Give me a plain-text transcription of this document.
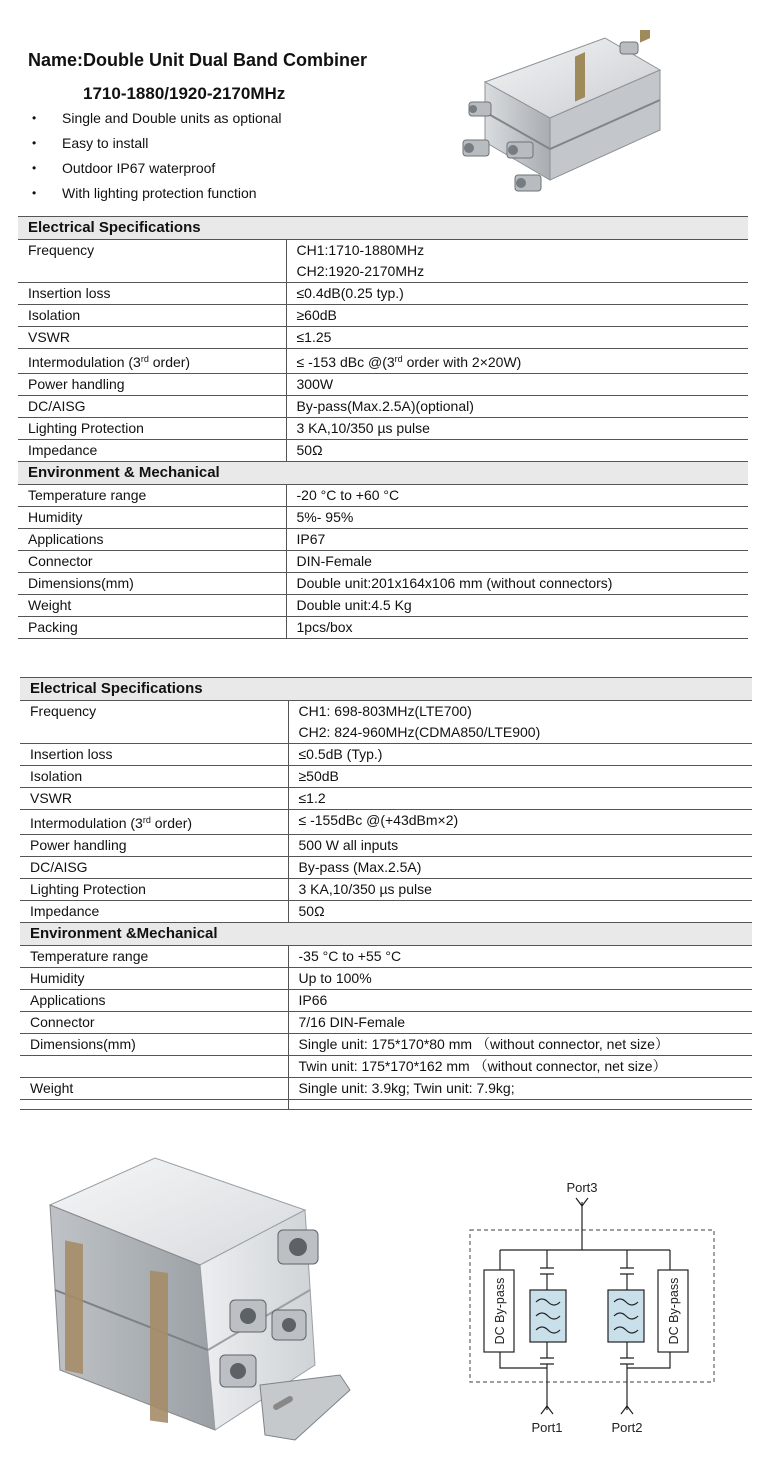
Name:Double Unit Dual Band Combiner
1710-1880/1920-2170MHz
• Single and Double units as optional
• Easy to install
• Outdoor IP67 waterproof
• With lighting protection function
Electrical Specifications	
Frequency	CH1:1710-1880MHz
CH2:1920-2170MHz

Insertion loss	≤0.4dB(0.25 typ.)
Isolation	≥60dB
VSWR	≤1.25
Intermodulation (3rd order)	≤ -153 dBc @(3rd order with 2×20W)
Power handling	300W
DC/AISG	By-pass(Max.2.5A)(optional)
Lighting Protection	3 KA,10/350 µs pulse
Impedance	50Ω
Environment & Mechanical	
Temperature range	-20 °C to +60 °C
Humidity	5%- 95%
Applications	IP67
Connector	DIN-Female
Dimensions(mm)	Double unit:201x164x106 mm (without connectors)
Weight	Double unit:4.5 Kg
Packing	1pcs/box
Electrical Specifications	
Frequency	CH1: 698-803MHz(LTE700)
CH2: 824-960MHz(CDMA850/LTE900)

Insertion loss	≤0.5dB (Typ.)
Isolation	≥50dB
VSWR	≤1.2
Intermodulation (3rd order)	≤ -155dBc @(+43dBm×2)
Power handling	500 W all inputs
DC/AISG	By-pass (Max.2.5A)
Lighting Protection	3 KA,10/350 µs pulse
Impedance	50Ω
Environment &Mechanical	
Temperature range	-35 °C to +55 °C
Humidity	Up to 100%
Applications	IP66
Connector	7/16 DIN-Female
Dimensions(mm)	Single unit: 175*170*80 mm （without connector, net size）
	Twin unit: 175*170*162 mm （without connector, net size）
Weight	Single unit: 3.9kg; Twin unit: 7.9kg;

Port3
Port1	Port2
DC By-pass	DC By-pass
